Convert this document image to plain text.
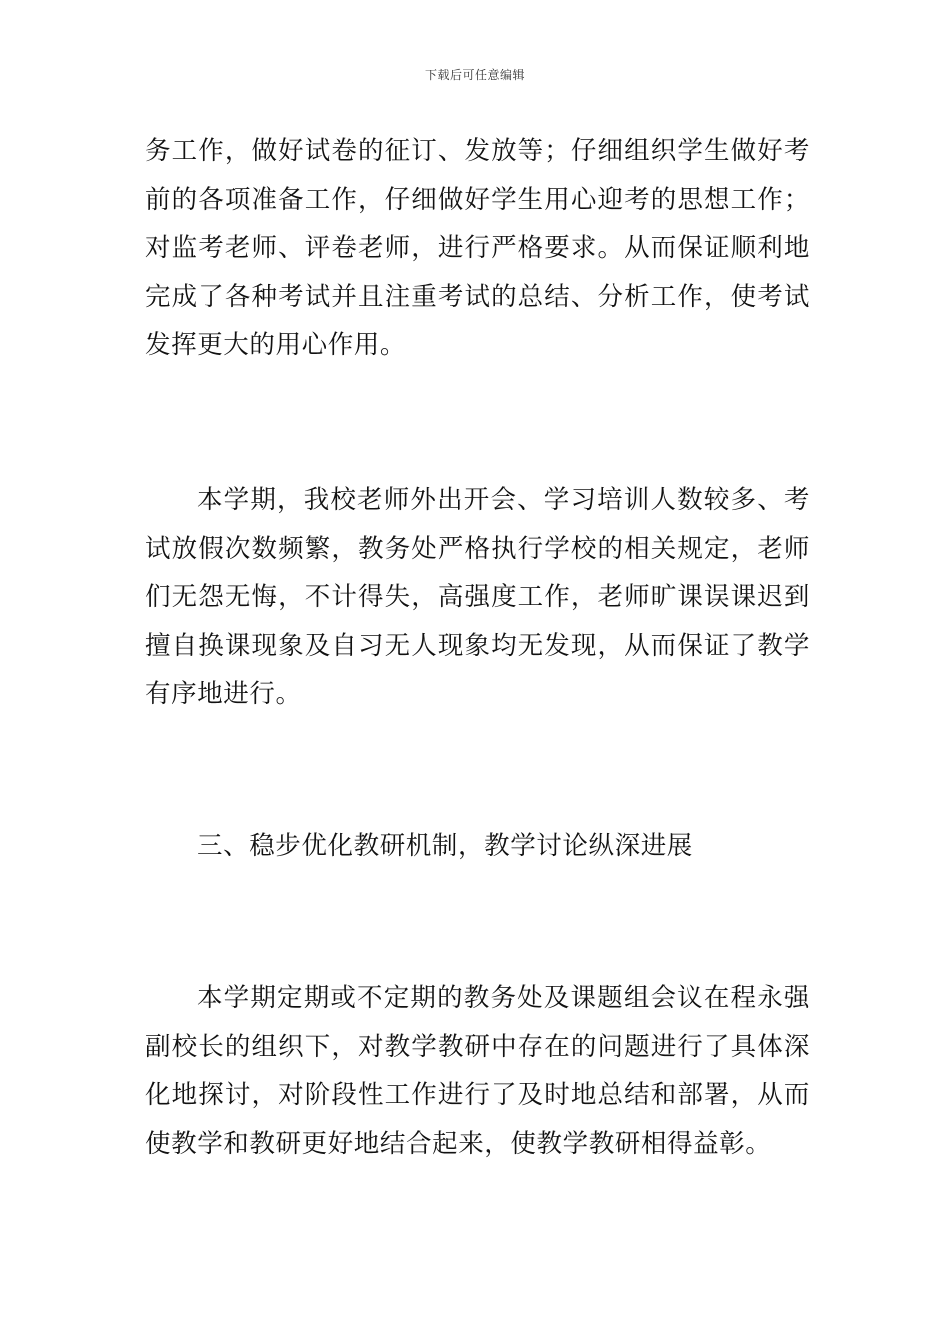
下载后可任意编辑

务工作，做好试卷的征订、发放等；仔细组织学生做好考前的各项准备工作，仔细做好学生用心迎考的思想工作；对监考老师、评卷老师，进行严格要求。从而保证顺利地完成了各种考试并且注重考试的总结、分析工作，使考试发挥更大的用心作用。

本学期，我校老师外出开会、学习培训人数较多、考试放假次数频繁，教务处严格执行学校的相关规定，老师们无怨无悔，不计得失，高强度工作，老师旷课误课迟到擅自换课现象及自习无人现象均无发现，从而保证了教学有序地进行。

三、稳步优化教研机制，教学讨论纵深进展

本学期定期或不定期的教务处及课题组会议在程永强副校长的组织下，对教学教研中存在的问题进行了具体深化地探讨，对阶段性工作进行了及时地总结和部署，从而使教学和教研更好地结合起来，使教学教研相得益彰。
